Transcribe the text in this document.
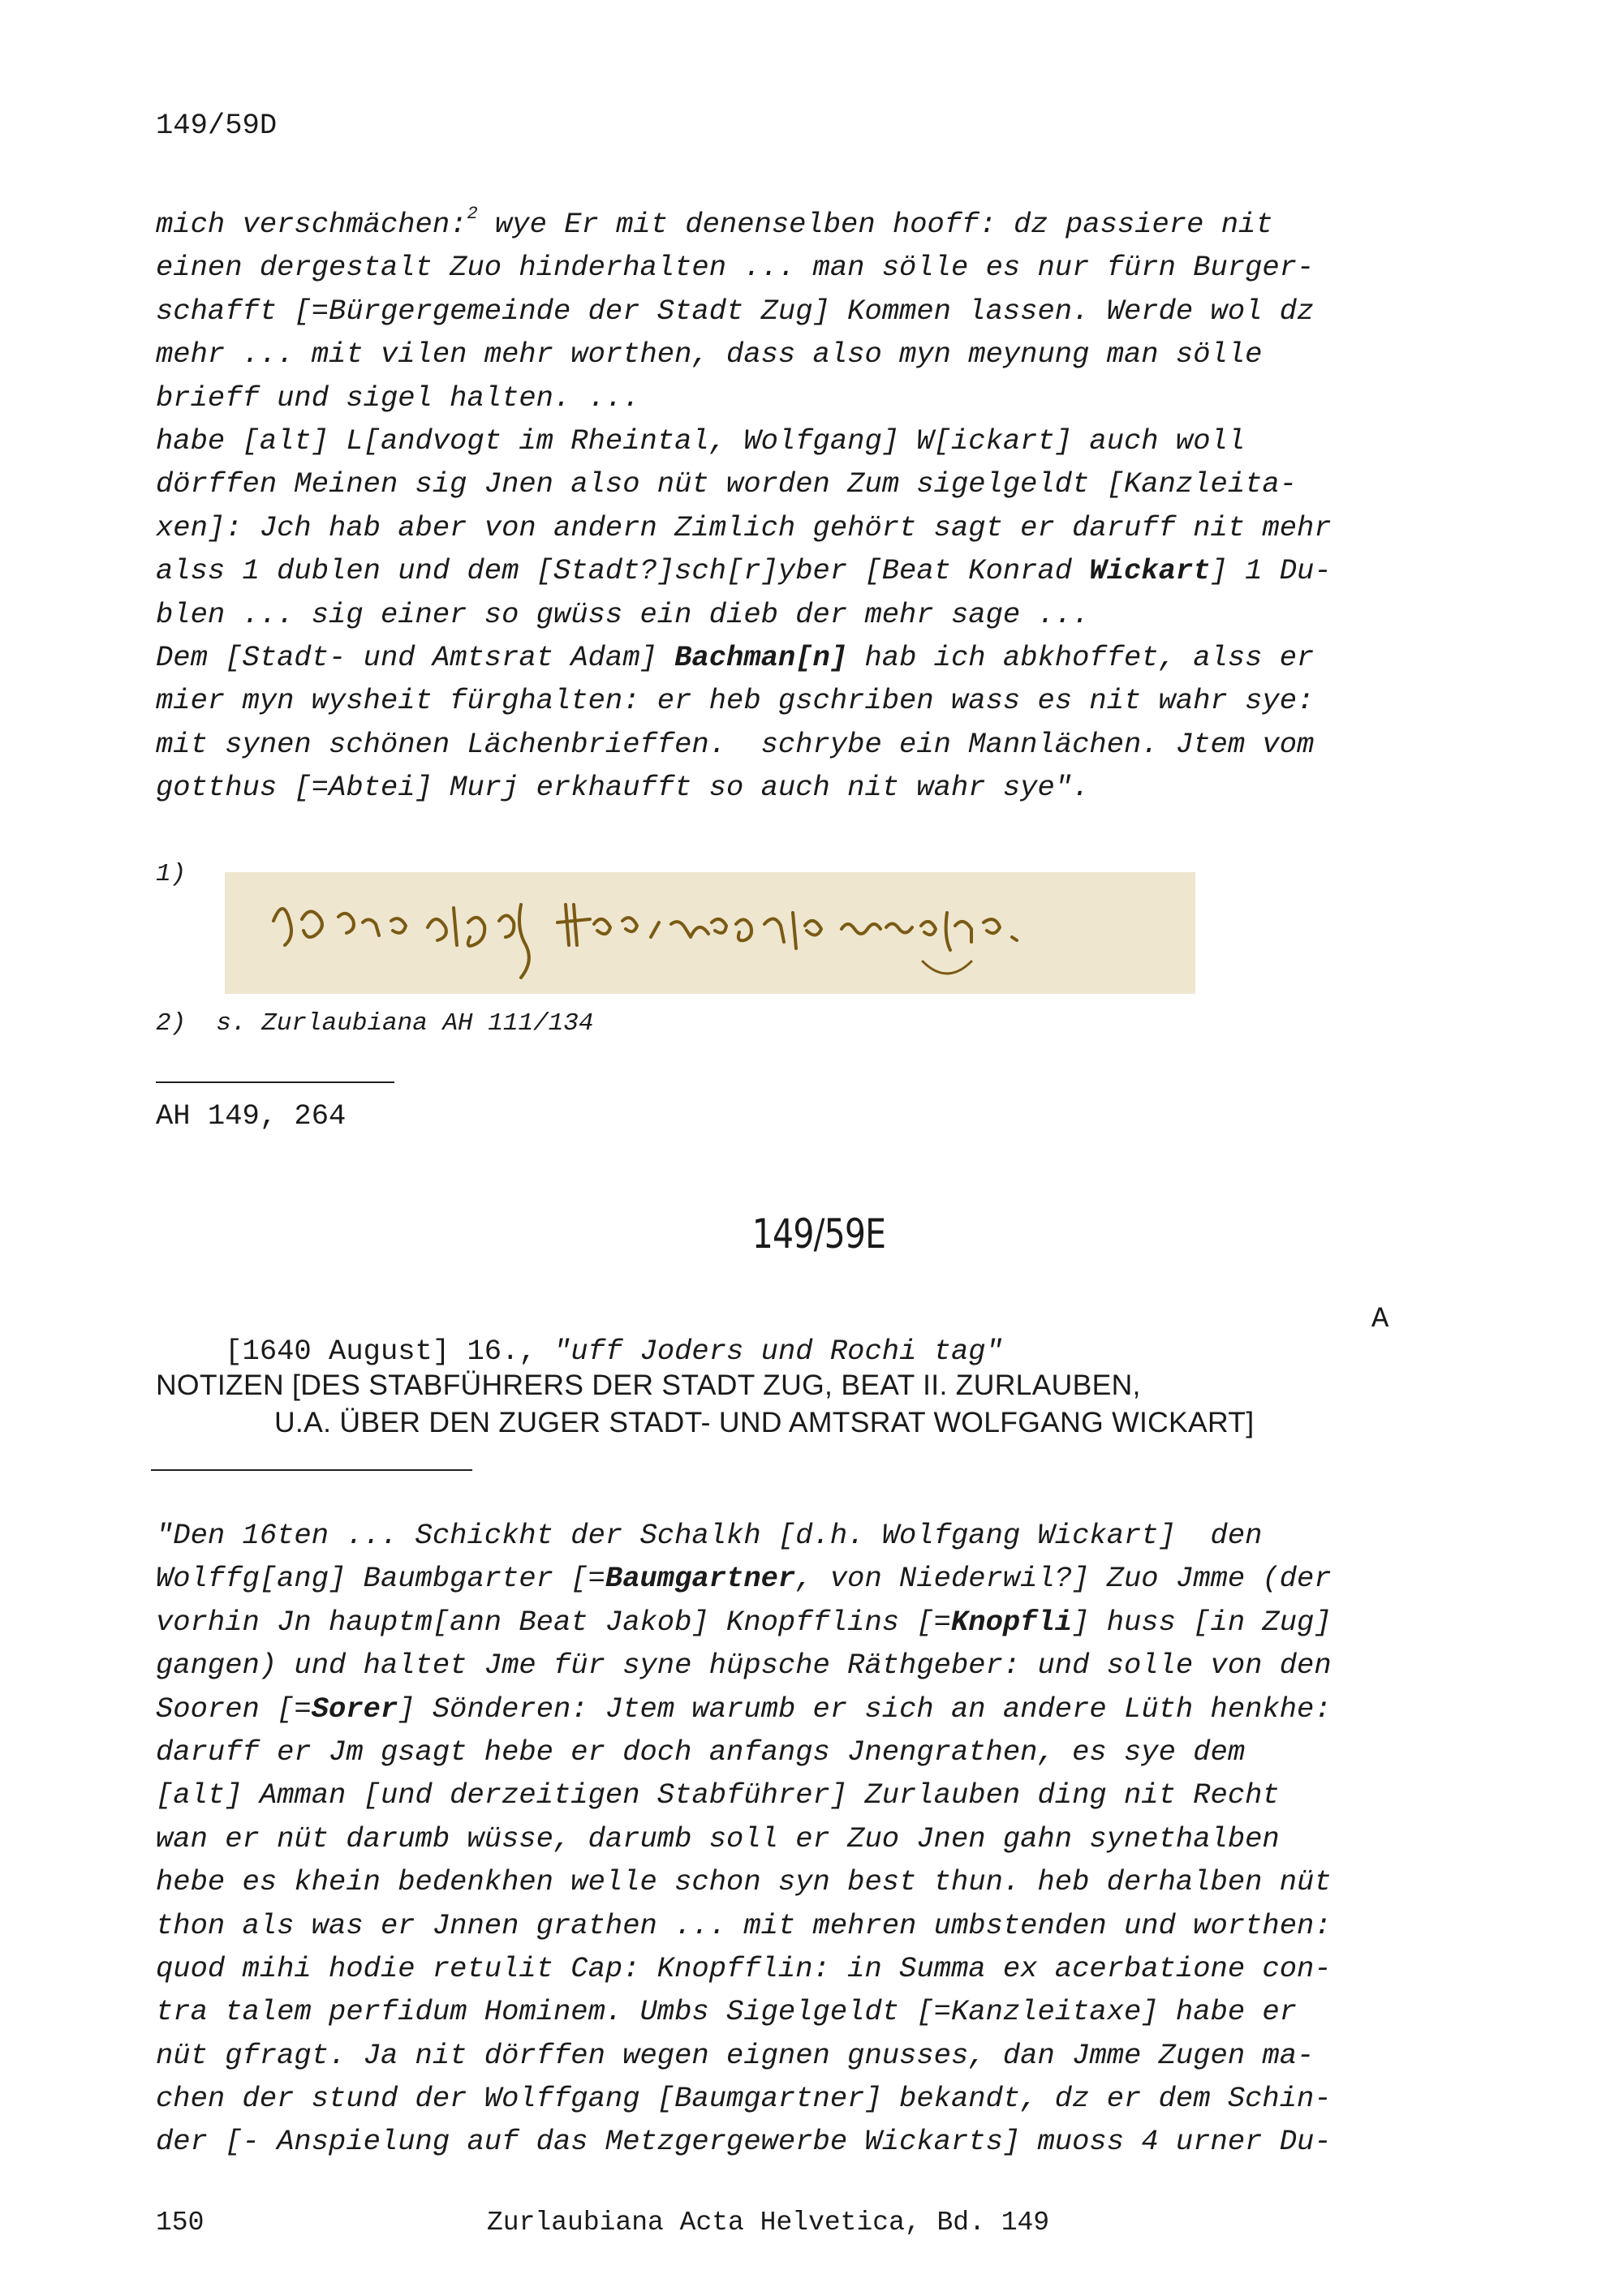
149/59D
mich verschmächen:$^2$ wye Er mit denenselben hooff: dz passiere nit
einen dergestalt Zuo hinderhalten ... man sölle es nur fürn Burger-
schafft [=Bürgergemeinde der Stadt Zug] Kommen lassen. Werde wol dz
mehr ... mit vilen mehr worthen, dass also myn meynung man sölle
brieff und sigel halten. ...
habe [alt] L[andvogt im Rheintal, Wolfgang] W[ickart] auch woll
dörffen Meinen sig Jnen also nüt worden Zum sigelgeldt [Kanzleita-
xen]: Jch hab aber von andern Zimlich gehört sagt er daruff nit mehr
alss 1 dublen und dem [Stadt?]sch[r]yber [Beat Konrad Wickart] 1 Du-
blen ... sig einer so gwüss ein dieb der mehr sage ...
Dem [Stadt- und Amtsrat Adam] Bachman[n] hab ich abkhoffet, alss er
mier myn wysheit fürghalten: er heb gschriben wass es nit wahr sye:
mit synen schönen Lächenbrieffen.  schrybe ein Mannlächen. Jtem vom
gotthus [=Abtei] Murj erkhaufft so auch nit wahr sye".
1)
2)  s. Zurlaubiana AH 111/134
AH 149, 264
149/59E

[1640 August] 16., "uff Joders und Rochi tag"

A
NOTIZEN [DES STABFÜHRERS DER STADT ZUG, BEAT II. ZURLAUBEN,
U.A. ÜBER DEN ZUGER STADT- UND AMTSRAT WOLFGANG WICKART]
"Den 16ten ... Schickht der Schalkh [d.h. Wolfgang Wickart]  den
Wolffg[ang] Baumbgarter [=Baumgartner, von Niederwil?] Zuo Jmme (der
vorhin Jn hauptm[ann Beat Jakob] Knopfflins [=Knopfli] huss [in Zug]
gangen) und haltet Jme für syne hüpsche Räthgeber: und solle von den
Sooren [=Sorer] Sönderen: Jtem warumb er sich an andere Lüth henkhe:
daruff er Jm gsagt hebe er doch anfangs Jnengrathen, es sye dem
[alt] Amman [und derzeitigen Stabführer] Zurlauben ding nit Recht
wan er nüt darumb wüsse, darumb soll er Zuo Jnen gahn synethalben
hebe es khein bedenkhen welle schon syn best thun. heb derhalben nüt
thon als was er Jnnen grathen ... mit mehren umbstenden und worthen:
quod mihi hodie retulit Cap: Knopfflin: in Summa ex acerbatione con-
tra talem perfidum Hominem. Umbs Sigelgeldt [=Kanzleitaxe] habe er
nüt gfragt. Ja nit dörffen wegen eignen gnusses, dan Jmme Zugen ma-
chen der stund der Wolffgang [Baumgartner] bekandt, dz er dem Schin-
der [- Anspielung auf das Metzgergewerbe Wickarts] muoss 4 urner Du-
150	Zurlaubiana Acta Helvetica, Bd. 149
